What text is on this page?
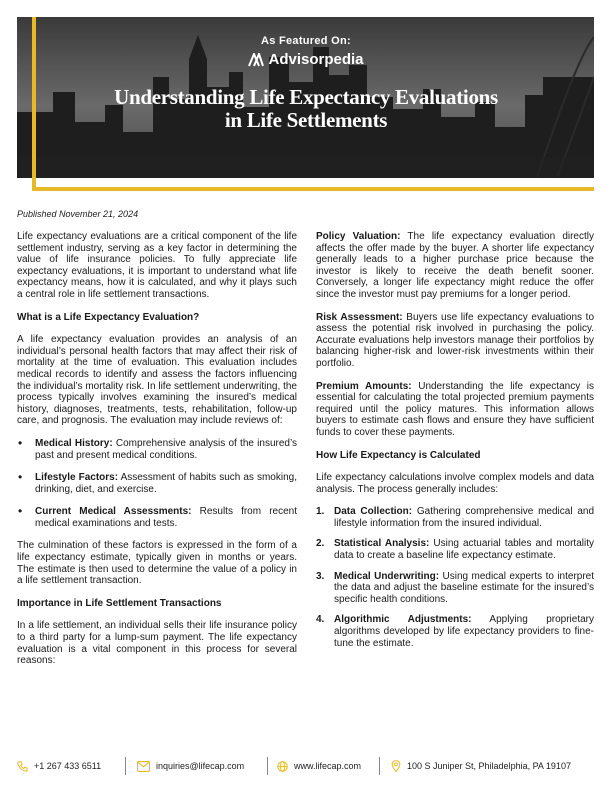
As Featured On:
Advisorpedia
Understanding Life Expectancy Evaluations
in Life Settlements
Published November 21, 2024

Life expectancy evaluations are a critical component of the life settlement industry, serving as a key factor in determining the value of life insurance policies. To fully appreciate life expectancy evaluations, it is important to understand what life expectancy means, how it is calculated, and why it plays such a central role in life settlement transactions.

What is a Life Expectancy Evaluation?

A life expectancy evaluation provides an analysis of an individual’s personal health factors that may affect their risk of mortality at the time of evaluation. This evaluation includes medical records to identify and assess the factors influencing the individual’s mortality risk. In life settlement underwriting, the process typically involves examining the insured’s medical history, diagnoses, treatments, tests, rehabilitation, follow-up care, and prognosis. The evaluation may include reviews of:

• Medical History: Comprehensive analysis of the insured’s past and present medical conditions.
• Lifestyle Factors: Assessment of habits such as smoking, drinking, diet, and exercise.
• Current Medical Assessments: Results from recent medical examinations and tests.

The culmination of these factors is expressed in the form of a life expectancy estimate, typically given in months or years. The estimate is then used to determine the value of a policy in a life settlement transaction.

Importance in Life Settlement Transactions

In a life settlement, an individual sells their life insurance policy to a third party for a lump-sum payment. The life expectancy evaluation is a vital component in this process for several reasons:

Policy Valuation: The life expectancy evaluation directly affects the offer made by the buyer. A shorter life expectancy generally leads to a higher purchase price because the investor is likely to receive the death benefit sooner. Conversely, a longer life expectancy might reduce the offer since the investor must pay premiums for a longer period.

Risk Assessment: Buyers use life expectancy evaluations to assess the potential risk involved in purchasing the policy. Accurate evaluations help investors manage their portfolios by balancing higher-risk and lower-risk investments within their portfolio.

Premium Amounts: Understanding the life expectancy is essential for calculating the total projected premium payments required until the policy matures. This information allows buyers to estimate cash flows and ensure they have sufficient funds to cover these payments.

How Life Expectancy is Calculated

Life expectancy calculations involve complex models and data analysis. The process generally includes:

1. Data Collection: Gathering comprehensive medical and lifestyle information from the insured individual.
2. Statistical Analysis: Using actuarial tables and mortality data to create a baseline life expectancy estimate.
3. Medical Underwriting: Using medical experts to interpret the data and adjust the baseline estimate for the insured’s specific health conditions.
4. Algorithmic Adjustments: Applying proprietary algorithms developed by life expectancy providers to fine-tune the estimate.
+1 267 433 6511	inquiries@lifecap.com	www.lifecap.com	100 S Juniper St, Philadelphia, PA 19107
